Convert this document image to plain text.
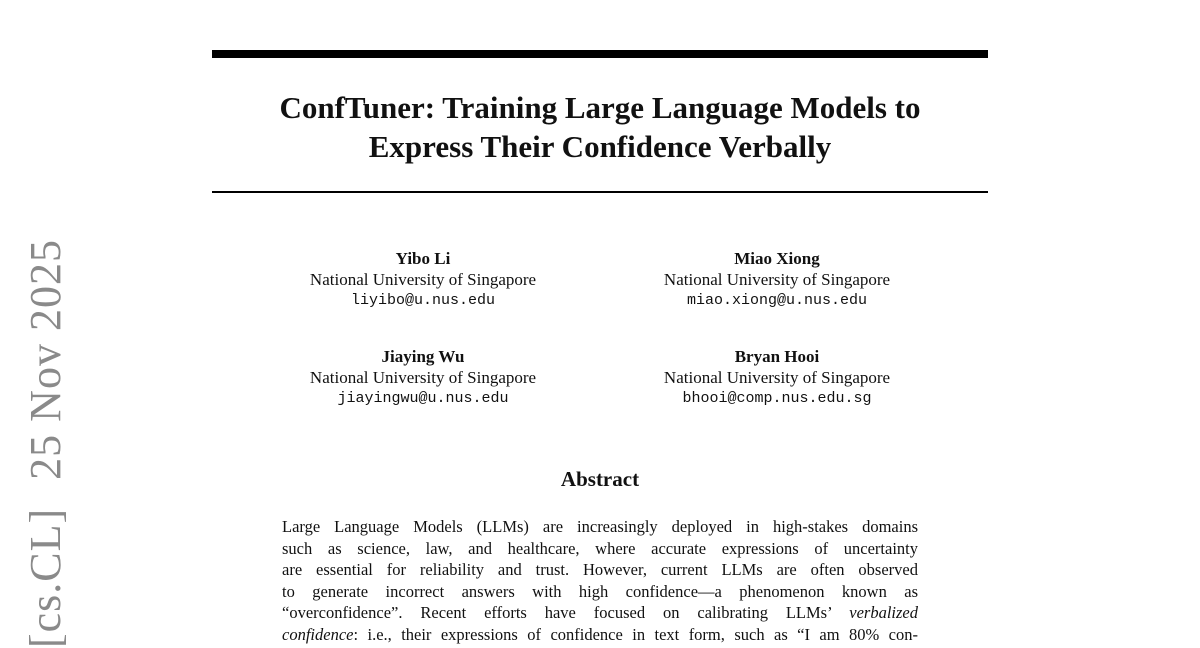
[cs.CL]25 Nov 2025
ConfTuner: Training Large Language Models to
Express Their Confidence Verbally
Yibo Li
National University of Singapore
liyibo@u.nus.edu
Miao Xiong
National University of Singapore
miao.xiong@u.nus.edu
Jiaying Wu
National University of Singapore
jiayingwu@u.nus.edu
Bryan Hooi
National University of Singapore
bhooi@comp.nus.edu.sg
Abstract
Large Language Models (LLMs) are increasingly deployed in high-stakes domains
such as science, law, and healthcare, where accurate expressions of uncertainty
are essential for reliability and trust. However, current LLMs are often observed
to generate incorrect answers with high confidence—a phenomenon known as
“overconfidence”. Recent efforts have focused on calibrating LLMs’ verbalized
confidence: i.e., their expressions of confidence in text form, such as “I am 80% con-
